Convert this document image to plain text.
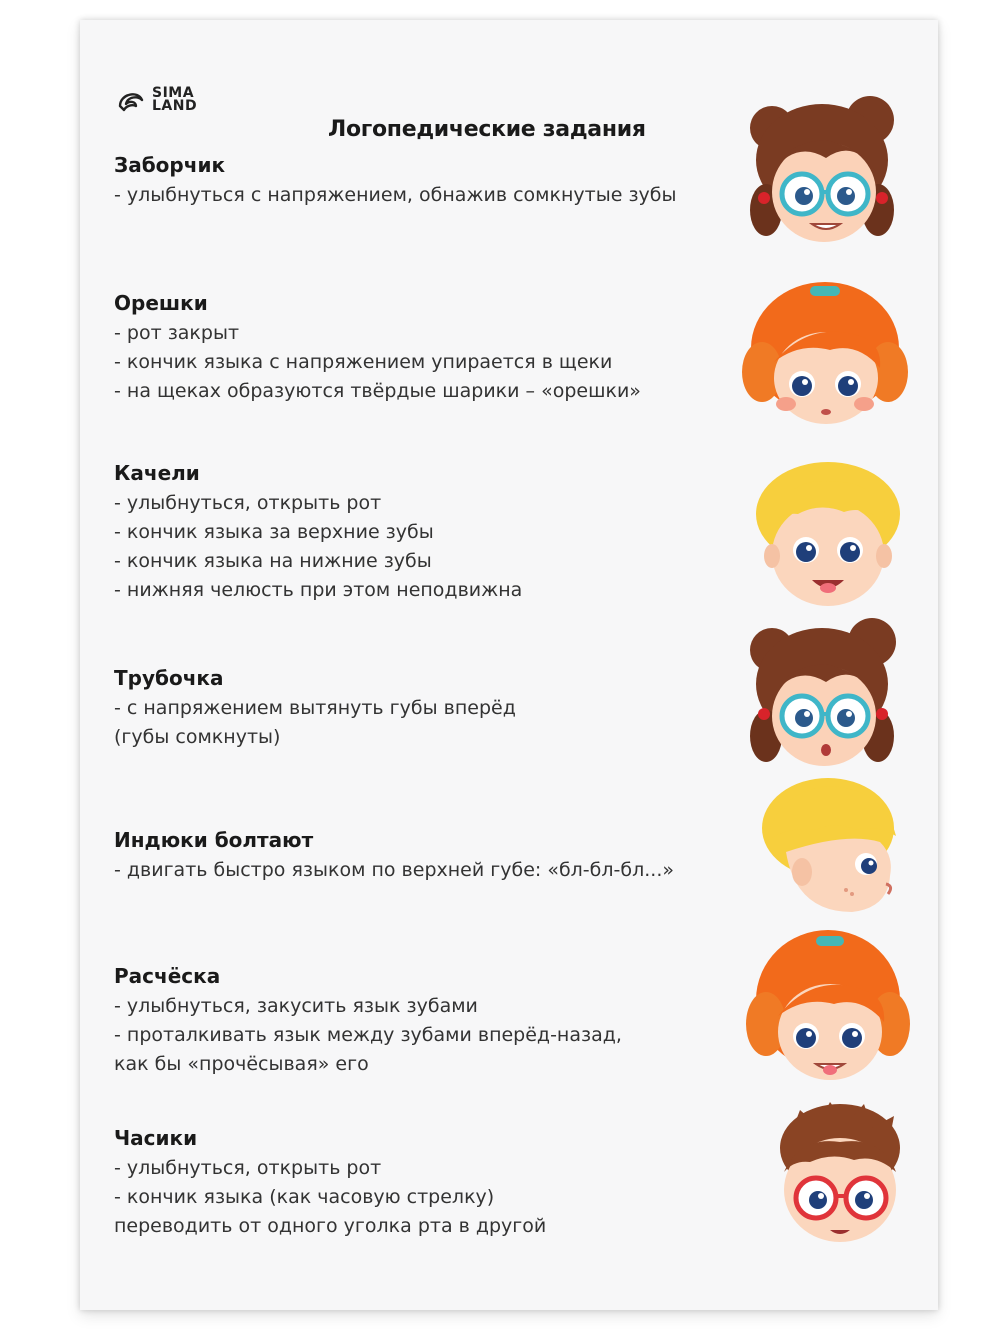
SIMA
LAND
Логопедические задания
Заборчик
- улыбнуться с напряжением, обнажив сомкнутые зубы
Орешки
- рот закрыт
- кончик языка с напряжением упирается в щеки
- на щеках образуются твёрдые шарики – «орешки»
Качели
- улыбнуться, открыть рот
- кончик языка за верхние зубы
- кончик языка на нижние зубы
- нижняя челюсть при этом неподвижна
Трубочка
- с напряжением вытянуть губы вперёд
(губы сомкнуты)
Индюки болтают
- двигать быстро языком по верхней губе: «бл-бл-бл...»
Расчёска
- улыбнуться, закусить язык зубами
- проталкивать язык между зубами вперёд-назад,
как бы «прочёсывая» его
Часики
- улыбнуться, открыть рот
- кончик языка (как часовую стрелку)
переводить от одного уголка рта в другой
